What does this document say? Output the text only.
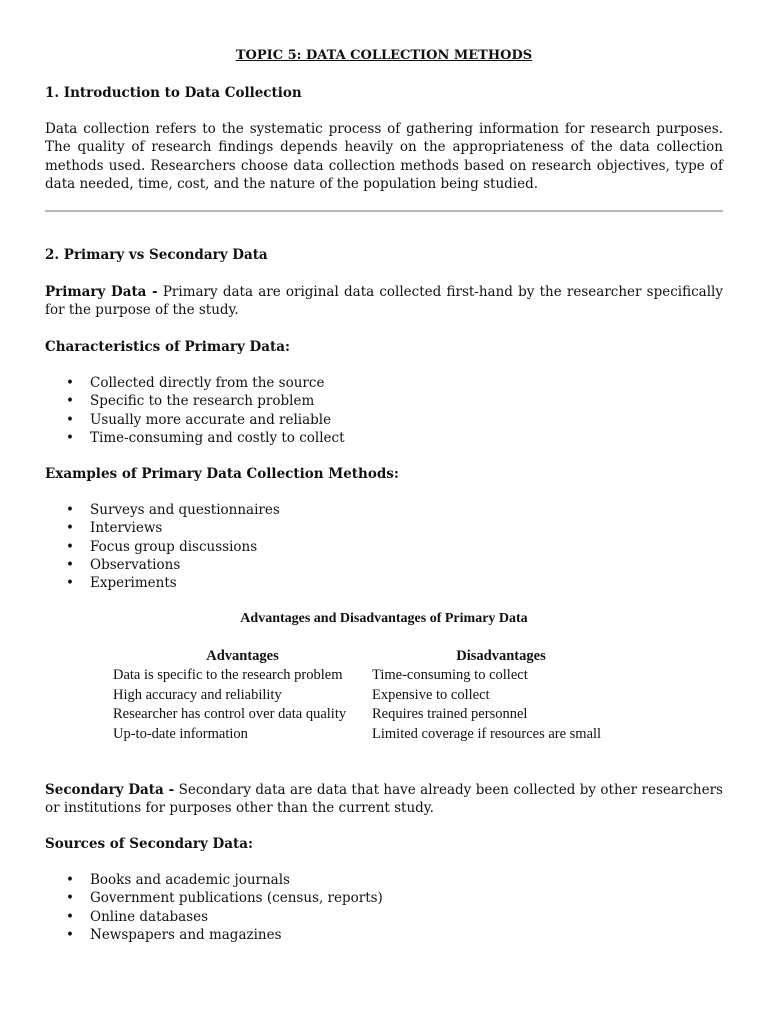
TOPIC 5: DATA COLLECTION METHODS

1. Introduction to Data Collection

Data collection refers to the systematic process of gathering information for research purposes. The quality of research findings depends heavily on the appropriateness of the data collection methods used. Researchers choose data collection methods based on research objectives, type of data needed, time, cost, and the nature of the population being studied.

2. Primary vs Secondary Data

Primary Data - Primary data are original data collected first-hand by the researcher specifically for the purpose of the study.

Characteristics of Primary Data:

• Collected directly from the source
• Specific to the research problem
• Usually more accurate and reliable
• Time-consuming and costly to collect

Examples of Primary Data Collection Methods:

• Surveys and questionnaires
• Interviews
• Focus group discussions
• Observations
• Experiments

Advantages and Disadvantages of Primary Data

Advantages	Disadvantages
Data is specific to the research problem	Time-consuming to collect
High accuracy and reliability	Expensive to collect
Researcher has control over data quality	Requires trained personnel
Up-to-date information	Limited coverage if resources are small

Secondary Data - Secondary data are data that have already been collected by other researchers or institutions for purposes other than the current study.

Sources of Secondary Data:

• Books and academic journals
• Government publications (census, reports)
• Online databases
• Newspapers and magazines
